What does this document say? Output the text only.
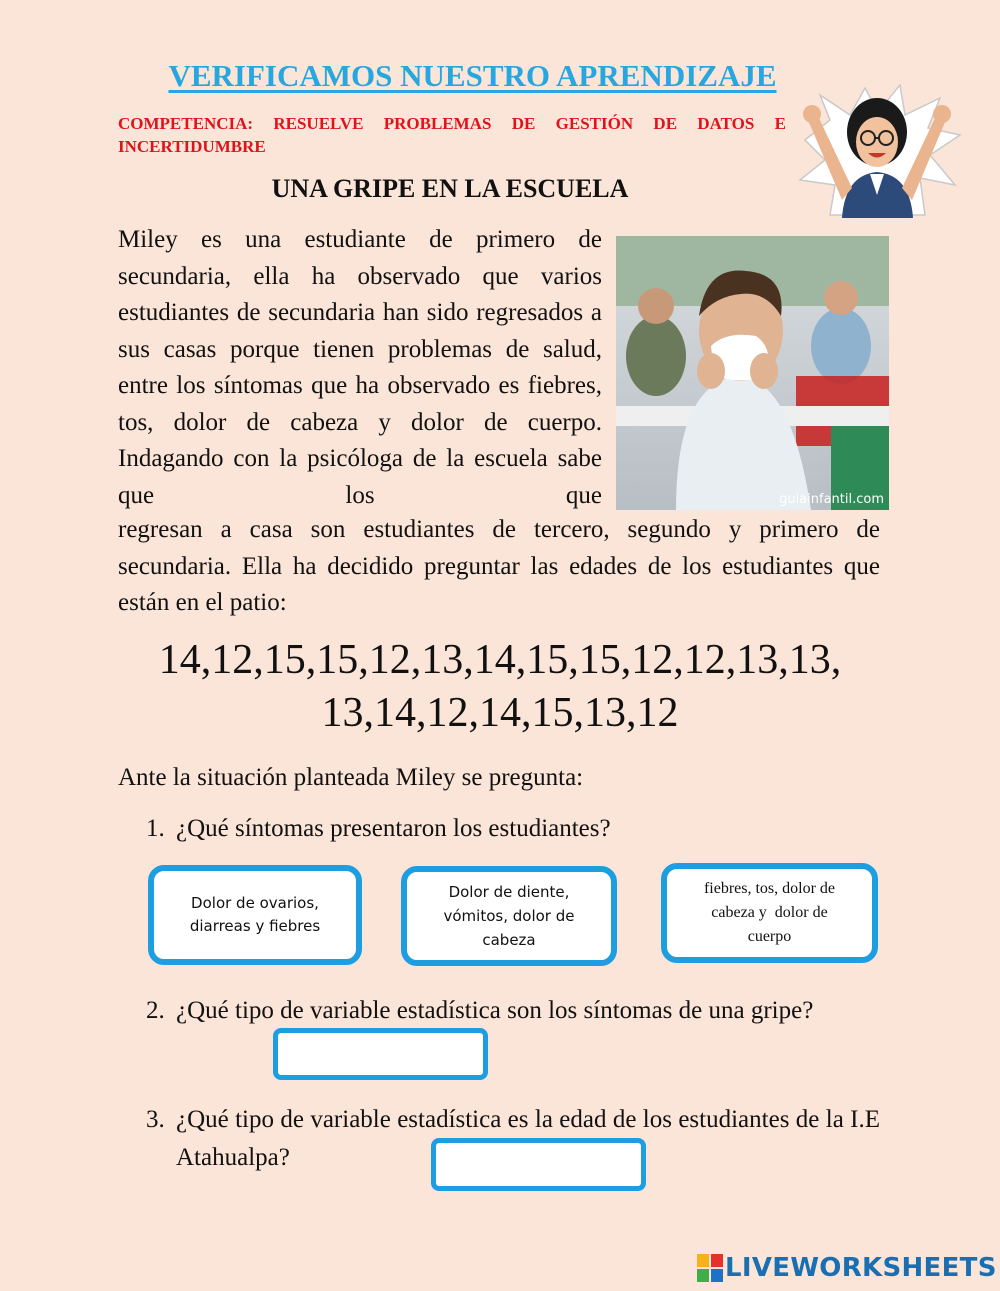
VERIFICAMOS NUESTRO APRENDIZAJE
COMPETENCIA: RESUELVE PROBLEMAS DE GESTIÓN DE DATOS E INCERTIDUMBRE
UNA GRIPE EN LA ESCUELA
Miley es una estudiante de primero de secundaria, ella ha observado que varios estudiantes de secundaria han sido regresados a sus casas porque tienen problemas de salud, entre los síntomas que ha observado es fiebres, tos, dolor de cabeza y dolor de cuerpo. Indagando con la psicóloga de la escuela sabe que los que	guiainfantil.com
regresan a casa son estudiantes de tercero, segundo y primero de secundaria. Ella ha decidido preguntar las edades de los estudiantes que están en el patio:
14,12,15,15,12,13,14,15,15,12,12,13,13,
13,14,12,14,15,13,12
Ante la situación planteada Miley se pregunta:
1. ¿Qué síntomas presentaron los estudiantes?
Dolor de ovarios,
diarreas y fiebres
Dolor de diente,
vómitos, dolor de
cabeza
fiebres, tos, dolor de
cabeza y  dolor de
cuerpo
2. ¿Qué tipo de variable estadística son los síntomas de una gripe?
3. ¿Qué tipo de variable estadística es la edad de los estudiantes de la I.E Atahualpa?
LIVEWORKSHEETS
